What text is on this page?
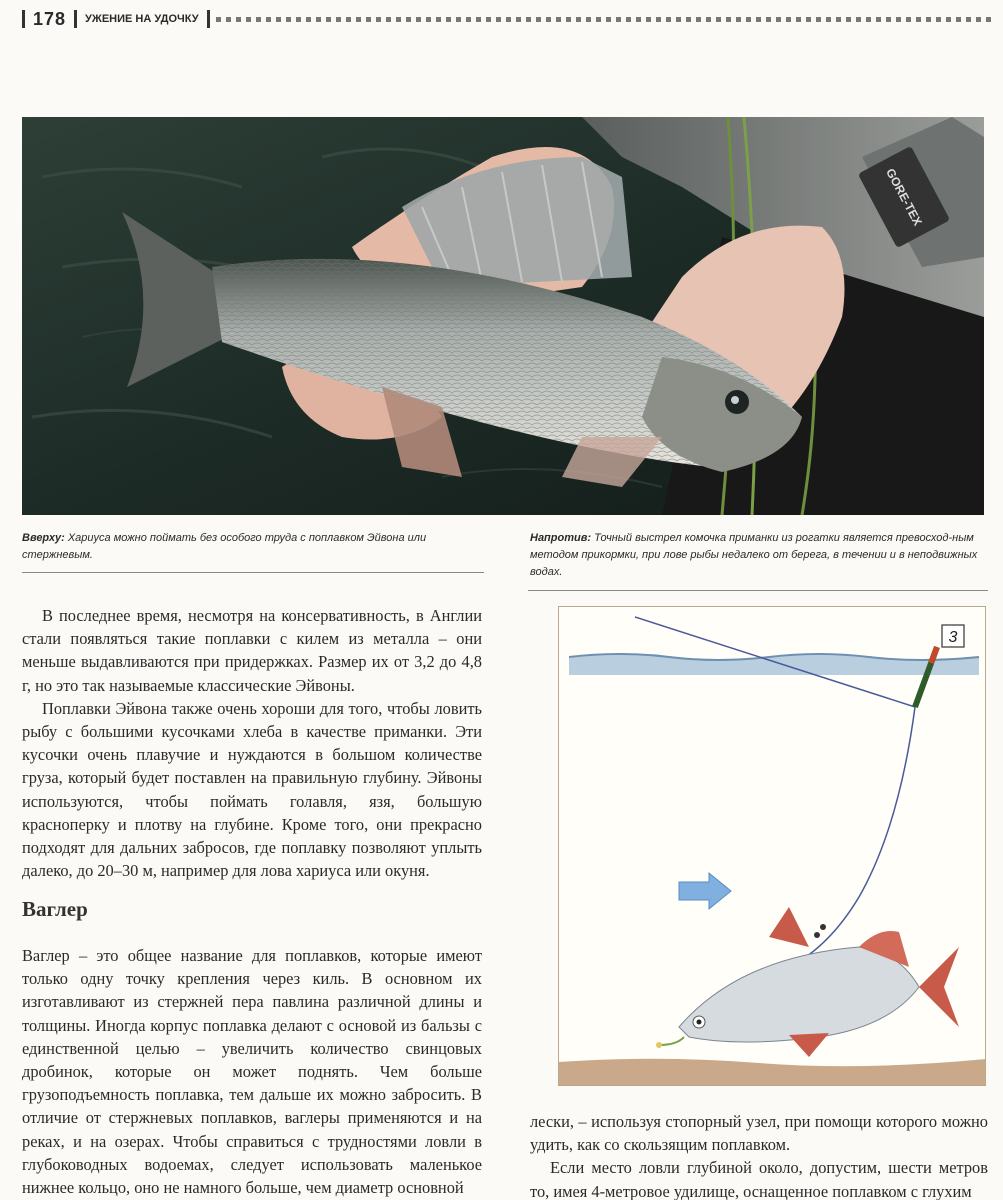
178 УЖЕНИЕ НА УДОЧКУ
GORE-TEX
Вверху: Хариуса можно поймать без особого труда с поплавком Эйвона или стержневым.
Напротив: Точный выстрел комочка приманки из рогатки является превосход-ным методом прикормки, при лове рыбы недалеко от берега, в течении и в неподвижных водах.

В последнее время, несмотря на консервативность, в Англии стали появляться такие поплавки с килем из металла – они меньше выдавливаются при придержках. Размер их от 3,2 до 4,8 г, но это так называемые классические Эйвоны.

Поплавки Эйвона также очень хороши для того, чтобы ловить рыбу с большими кусочками хлеба в качестве приманки. Эти кусочки очень плавучие и нуждаются в большом количестве груза, который будет поставлен на правильную глубину. Эйвоны используются, чтобы поймать голавля, язя, большую красноперку и плотву на глубине. Кроме того, они прекрасно подходят для дальних забросов, где поплавку позволяют уплыть далеко, до 20–30 м, например для лова хариуса или окуня.

Ваглер

Ваглер – это общее название для поплавков, которые имеют только одну точку крепления через киль. В основном их изготавливают из стержней пера павлина различной длины и толщины. Иногда корпус поплавка делают с основой из бальзы с единственной целью – увеличить количество свинцовых дробинок, которые он может поднять. Чем больше грузоподъемность поплавка, тем дальше их можно забросить. В отличие от стержневых поплавков, ваглеры применяются и на реках, и на озерах. Чтобы справиться с трудностями ловли в глубоководных водоемах, следует использовать маленькое нижнее кольцо, оно не намного больше, чем диаметр основной

3

лески, – используя стопорный узел, при помощи которого можно удить, как со скользящим поплавком.

Если место ловли глубиной около, допустим, шести метров то, имея 4-метровое удилище, оснащенное поплавком с глухим
